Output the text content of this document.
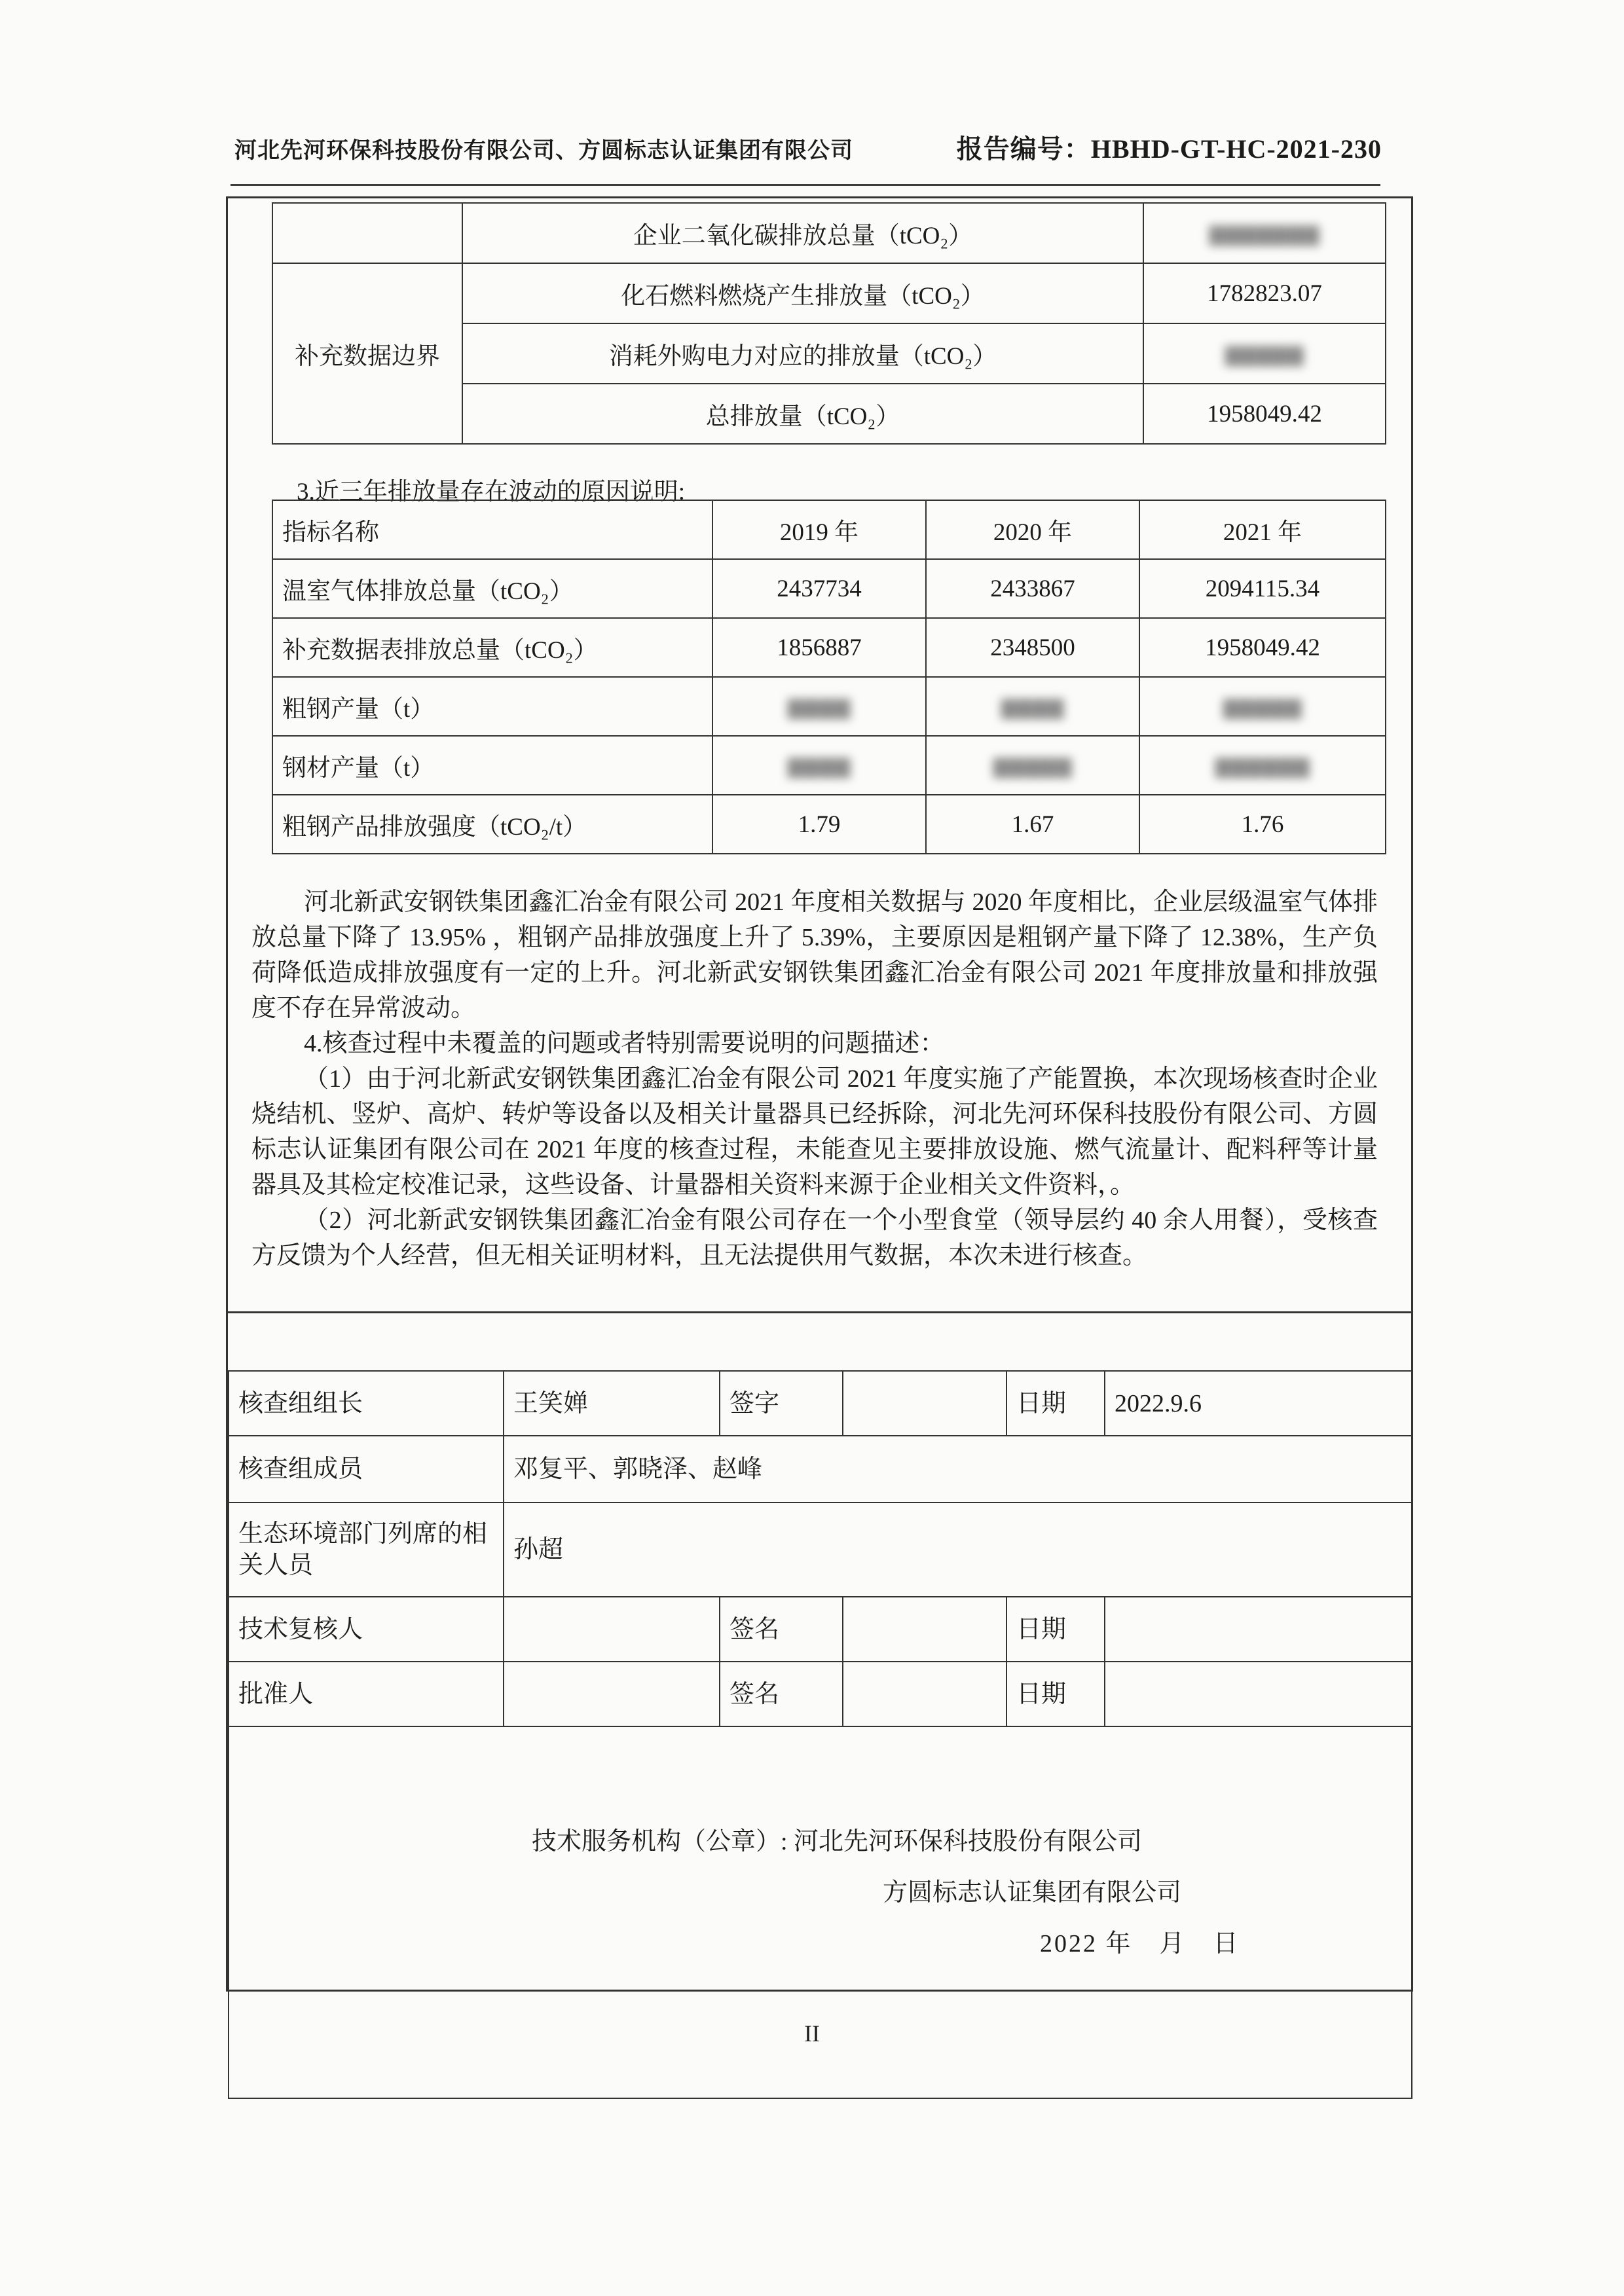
河北先河环保科技股份有限公司、方圆标志认证集团有限公司	报告编号：HBHD-GT-HC-2021-230
	企业二氧化碳排放总量（tCO₂）	▇▇▇▇▇▇▇
补充数据边界	化石燃料燃烧产生排放量（tCO₂）	1782823.07
	消耗外购电力对应的排放量（tCO₂）	▇▇▇▇▇
	总排放量（tCO₂）	1958049.42
3.近三年排放量存在波动的原因说明:
指标名称	2019 年	2020 年	2021 年
温室气体排放总量（tCO₂）	2437734	2433867	2094115.34
补充数据表排放总量（tCO₂）	1856887	2348500	1958049.42
粗钢产量（t）	▇▇▇▇	▇▇▇▇	▇▇▇▇▇
钢材产量（t）	▇▇▇▇	▇▇▇▇▇	▇▇▇▇▇▇
粗钢产品排放强度（tCO₂/t）	1.79	1.67	1.76

河北新武安钢铁集团鑫汇冶金有限公司 2021 年度相关数据与 2020 年度相比，企业层级温室气体排放总量下降了 13.95% ，粗钢产品排放强度上升了 5.39%，主要原因是粗钢产量下降了 12.38%，生产负荷降低造成排放强度有一定的上升。河北新武安钢铁集团鑫汇冶金有限公司 2021 年度排放量和排放强度不存在异常波动。

4.核查过程中未覆盖的问题或者特别需要说明的问题描述：

（1）由于河北新武安钢铁集团鑫汇冶金有限公司 2021 年度实施了产能置换，本次现场核查时企业烧结机、竖炉、高炉、转炉等设备以及相关计量器具已经拆除，河北先河环保科技股份有限公司、方圆标志认证集团有限公司在 2021 年度的核查过程，未能查见主要排放设施、燃气流量计、配料秤等计量器具及其检定校准记录，这些设备、计量器相关资料来源于企业相关文件资料，。

（2）河北新武安钢铁集团鑫汇冶金有限公司存在一个小型食堂（领导层约 40 余人用餐），受核查方反馈为个人经营，但无相关证明材料，且无法提供用气数据，本次未进行核查。

核查组组长	王笑婵	签字		日期	2022.9.6
核查组成员	邓复平、郭晓泽、赵峰				
生态环境部门列席的相关人员	孙超				
技术复核人		签名		日期	
批准人		签名		日期	

技术服务机构（公章）: 河北先河环保科技股份有限公司
方圆标志认证集团有限公司
2022 年　月　日					
II
